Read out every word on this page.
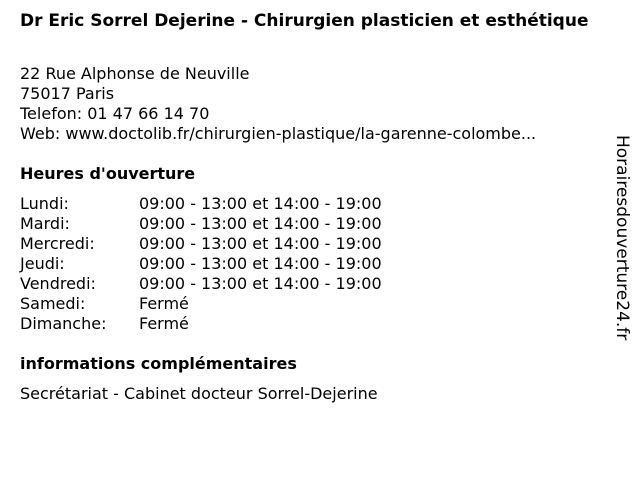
Dr Eric Sorrel Dejerine - Chirurgien plasticien et esthétique
22 Rue Alphonse de Neuville
75017 Paris
Telefon: 01 47 66 14 70
Web: www.doctolib.fr/chirurgien-plastique/la-garenne-colombe...
Heures d'ouverture
Lundi:	09:00 - 13:00 et 14:00 - 19:00
Mardi:	09:00 - 13:00 et 14:00 - 19:00
Mercredi:	09:00 - 13:00 et 14:00 - 19:00
Jeudi:	09:00 - 13:00 et 14:00 - 19:00
Vendredi:	09:00 - 13:00 et 14:00 - 19:00
Samedi:	Fermé
Dimanche:	Fermé
informations complémentaires
Secrétariat - Cabinet docteur Sorrel-Dejerine
Horairesdouverture24.fr
